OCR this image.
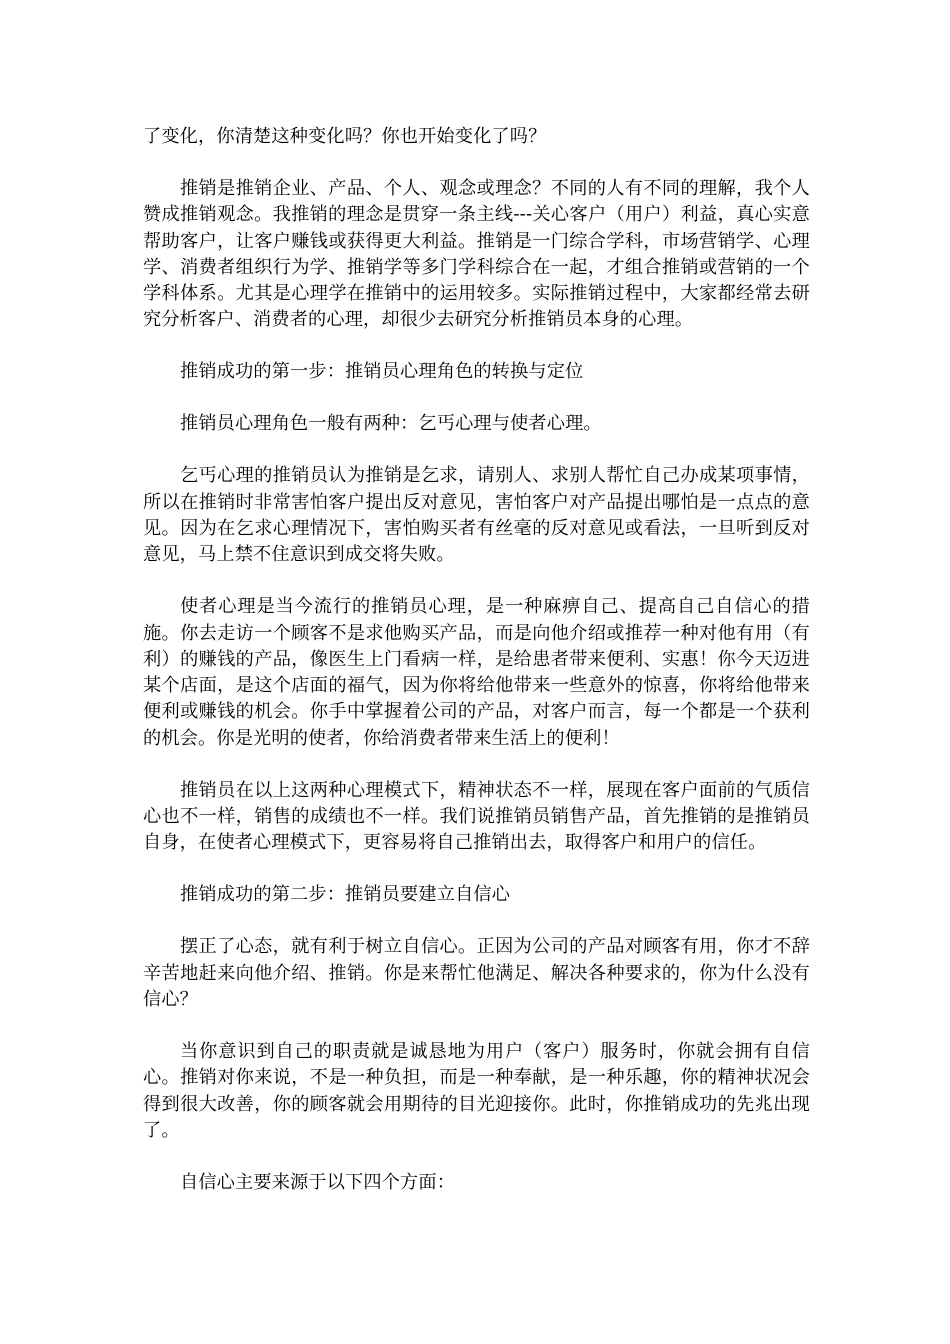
了变化，你清楚这种变化吗？你也开始变化了吗？

推销是推销企业、产品、个人、观念或理念？不同的人有不同的理解，我个人赞成推销观念。我推销的理念是贯穿一条主线---关心客户（用户）利益，真心实意帮助客户，让客户赚钱或获得更大利益。推销是一门综合学科，市场营销学、心理学、消费者组织行为学、推销学等多门学科综合在一起，才组合推销或营销的一个学科体系。尤其是心理学在推销中的运用较多。实际推销过程中，大家都经常去研究分析客户、消费者的心理，却很少去研究分析推销员本身的心理。

推销成功的第一步：推销员心理角色的转换与定位

推销员心理角色一般有两种：乞丐心理与使者心理。

乞丐心理的推销员认为推销是乞求，请别人、求别人帮忙自己办成某项事情，所以在推销时非常害怕客户提出反对意见，害怕客户对产品提出哪怕是一点点的意见。因为在乞求心理情况下，害怕购买者有丝毫的反对意见或看法，一旦听到反对意见，马上禁不住意识到成交将失败。

使者心理是当今流行的推销员心理，是一种麻痹自己、提高自己自信心的措施。你去走访一个顾客不是求他购买产品，而是向他介绍或推荐一种对他有用（有利）的赚钱的产品，像医生上门看病一样，是给患者带来便利、实惠！你今天迈进某个店面，是这个店面的福气，因为你将给他带来一些意外的惊喜，你将给他带来便利或赚钱的机会。你手中掌握着公司的产品，对客户而言，每一个都是一个获利的机会。你是光明的使者，你给消费者带来生活上的便利！

推销员在以上这两种心理模式下，精神状态不一样，展现在客户面前的气质信心也不一样，销售的成绩也不一样。我们说推销员销售产品，首先推销的是推销员自身，在使者心理模式下，更容易将自己推销出去，取得客户和用户的信任。

推销成功的第二步：推销员要建立自信心

摆正了心态，就有利于树立自信心。正因为公司的产品对顾客有用，你才不辞辛苦地赶来向他介绍、推销。你是来帮忙他满足、解决各种要求的，你为什么没有信心？

当你意识到自己的职责就是诚恳地为用户（客户）服务时，你就会拥有自信心。推销对你来说，不是一种负担，而是一种奉献，是一种乐趣，你的精神状况会得到很大改善，你的顾客就会用期待的目光迎接你。此时，你推销成功的先兆出现了。

自信心主要来源于以下四个方面：
